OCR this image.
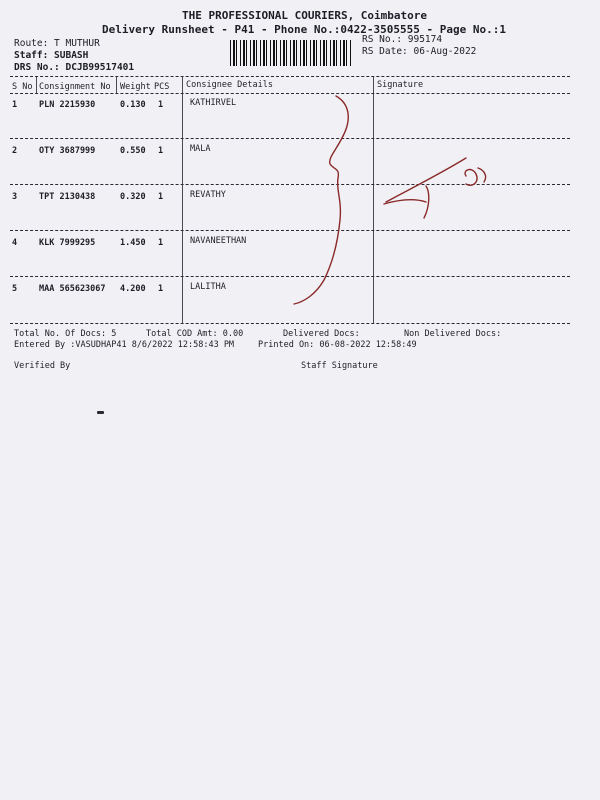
THE PROFESSIONAL COURIERS, Coimbatore
Delivery Runsheet - P41 - Phone No.:0422-3505555 - Page No.:1
Route: T MUTHUR
Staff: SUBASH
DRS No.: DCJB99517401
RS No.: 995174
RS Date: 06-Aug-2022
S No Consignment No Weight PCS Consignee Details	Signature
1	PLN 2215930	0.130 1	KATHIRVEL
2	OTY 3687999	0.550 1	MALA
3	TPT 2130438	0.320 1	REVATHY
4	KLK 7999295	1.450 1	NAVANEETHAN
5	MAA 565623067 4.200 1	LALITHA
Total No. Of Docs: 5	Total COD Amt: 0.00	Delivered Docs:	Non Delivered Docs:
Entered By :VASUDHAP41 8/6/2022 12:58:43 PM	Printed On: 06-08-2022 12:58:49
Verified By	Staff Signature
